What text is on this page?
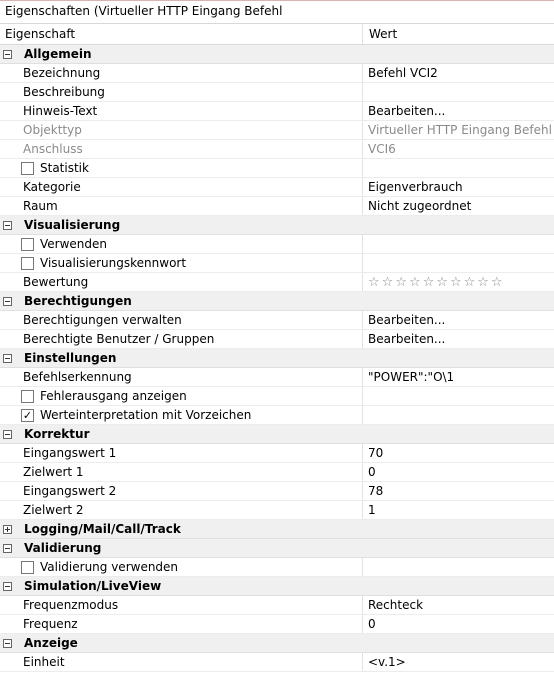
Eigenschaften (Virtueller HTTP Eingang Befehl
Eigenschaft	Wert
Allgemein
Bezeichnung	Befehl VCI2
Beschreibung
Hinweis-Text	Bearbeiten...
Objekttyp	Virtueller HTTP Eingang Befehl
Anschluss	VCI6
Statistik
Kategorie	Eigenverbrauch
Raum	Nicht zugeordnet
Visualisierung
Verwenden
Visualisierungskennwort
Bewertung	☆ ☆ ☆ ☆ ☆ ☆ ☆ ☆ ☆ ☆
Berechtigungen
Berechtigungen verwalten	Bearbeiten...
Berechtigte Benutzer / Gruppen	Bearbeiten...
Einstellungen
Befehlserkennung	"POWER":"O\1
Fehlerausgang anzeigen
✓ Werteinterpretation mit Vorzeichen
Korrektur
Eingangswert 1	70
Zielwert 1	0
Eingangswert 2	78
Zielwert 2	1
Logging/Mail/Call/Track
Validierung
Validierung verwenden
Simulation/LiveView
Frequenzmodus	Rechteck
Frequenz	0
Anzeige
Einheit	<v.1>
